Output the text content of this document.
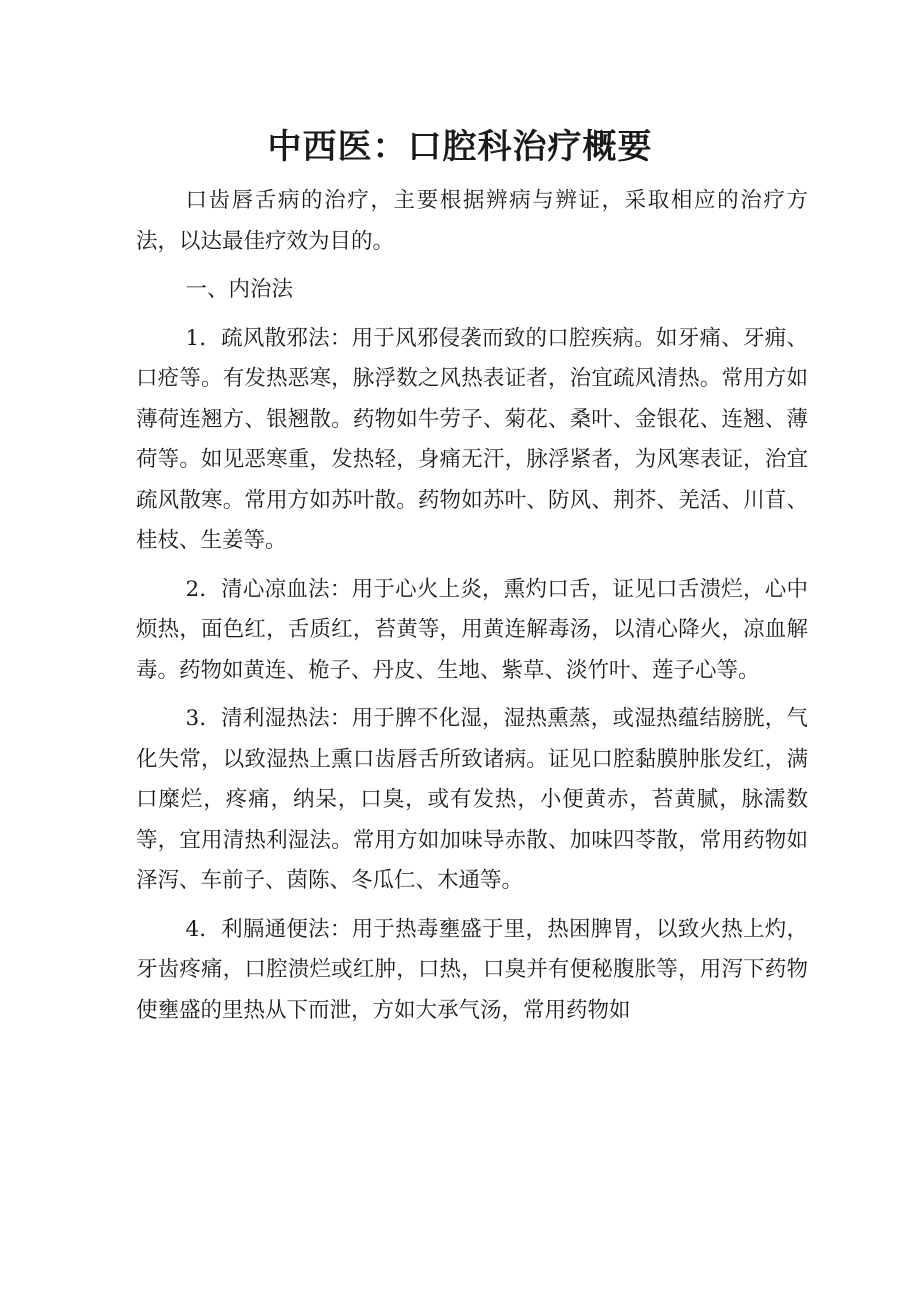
中西医：口腔科治疗概要

口齿唇舌病的治疗，主要根据辨病与辨证，采取相应的治疗方法，以达最佳疗效为目的。

一、内治法

1．疏风散邪法：用于风邪侵袭而致的口腔疾病。如牙痛、牙痈、口疮等。有发热恶寒，脉浮数之风热表证者，治宜疏风清热。常用方如薄荷连翘方、银翘散。药物如牛劳子、菊花、桑叶、金银花、连翘、薄荷等。如见恶寒重，发热轻，身痛无汗，脉浮紧者，为风寒表证，治宜疏风散寒。常用方如苏叶散。药物如苏叶、防风、荆芥、羌活、川苜、桂枝、生姜等。

2．清心凉血法：用于心火上炎，熏灼口舌，证见口舌溃烂，心中烦热，面色红，舌质红，苔黄等，用黄连解毒汤，以清心降火，凉血解毒。药物如黄连、桅子、丹皮、生地、紫草、淡竹叶、莲子心等。

3．清利湿热法：用于脾不化湿，湿热熏蒸，或湿热蕴结膀胱，气化失常，以致湿热上熏口齿唇舌所致诸病。证见口腔黏膜肿胀发红，满口糜烂，疼痛，纳呆，口臭，或有发热，小便黄赤，苔黄腻，脉濡数等，宜用清热利湿法。常用方如加味导赤散、加味四苓散，常用药物如泽泻、车前子、茵陈、冬瓜仁、木通等。

4．利膈通便法：用于热毒壅盛于里，热困脾胃，以致火热上灼，牙齿疼痛，口腔溃烂或红肿，口热，口臭并有便秘腹胀等，用泻下药物使壅盛的里热从下而泄，方如大承气汤，常用药物如
